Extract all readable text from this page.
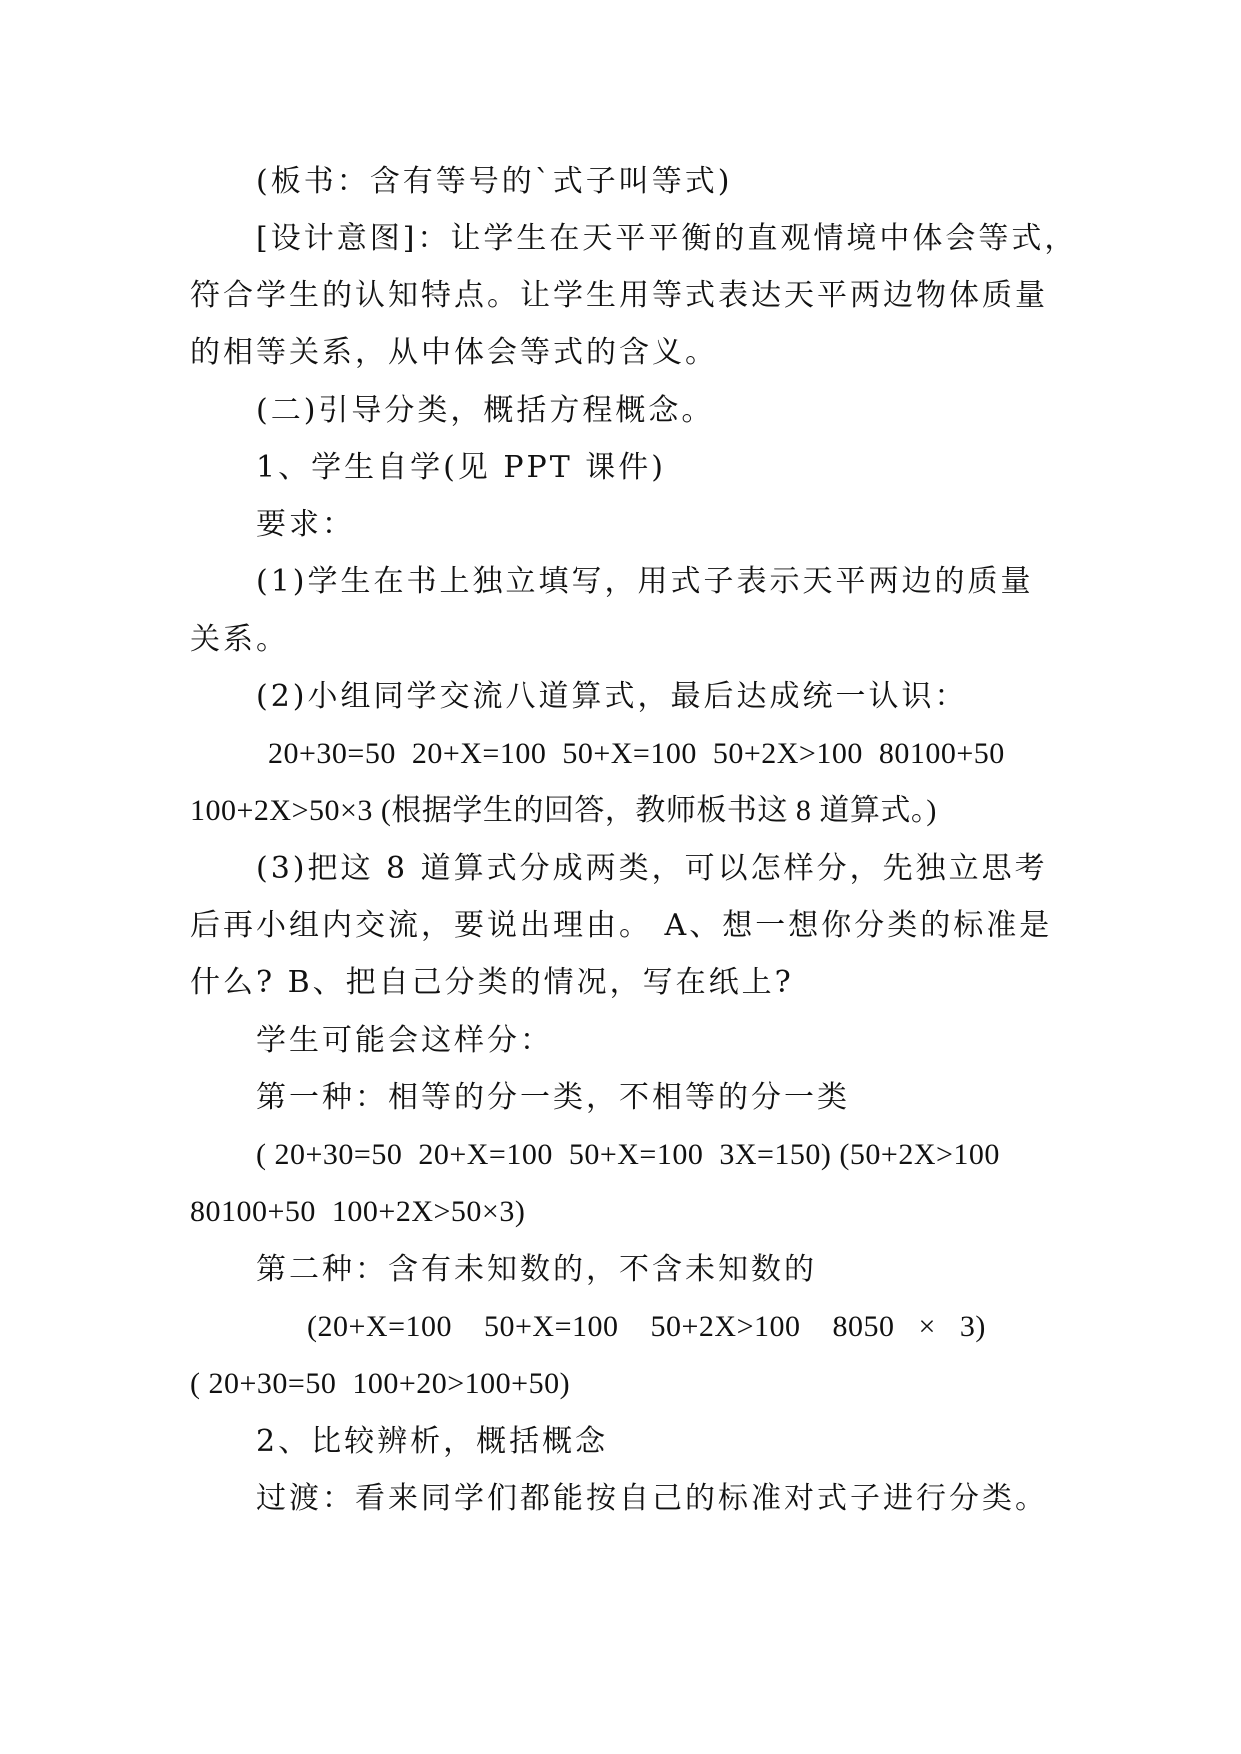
(板书：含有等号的`式子叫等式)
[设计意图]：让学生在天平平衡的直观情境中体会等式，
符合学生的认知特点。让学生用等式表达天平两边物体质量
的相等关系，从中体会等式的含义。
(二)引导分类，概括方程概念。
1、学生自学(见 PPT 课件)
要求：
(1)学生在书上独立填写，用式子表示天平两边的质量
关系。
(2)小组同学交流八道算式，最后达成统一认识：
20+30=50  20+X=100  50+X=100  50+2X>100  80100+50
100+2X>50×3 (根据学生的回答，教师板书这 8 道算式。)
(3)把这 8 道算式分成两类，可以怎样分，先独立思考
后再小组内交流，要说出理由。 A、想一想你分类的标准是
什么? B、把自己分类的情况，写在纸上?
学生可能会这样分：
第一种：相等的分一类，不相等的分一类
( 20+30=50  20+X=100  50+X=100  3X=150) (50+2X>100
80100+50  100+2X>50×3)
第二种：含有未知数的，不含未知数的
(20+X=100    50+X=100    50+2X>100    8050   ×   3)
( 20+30=50  100+20>100+50)
2、比较辨析，概括概念
过渡：看来同学们都能按自己的标准对式子进行分类。
